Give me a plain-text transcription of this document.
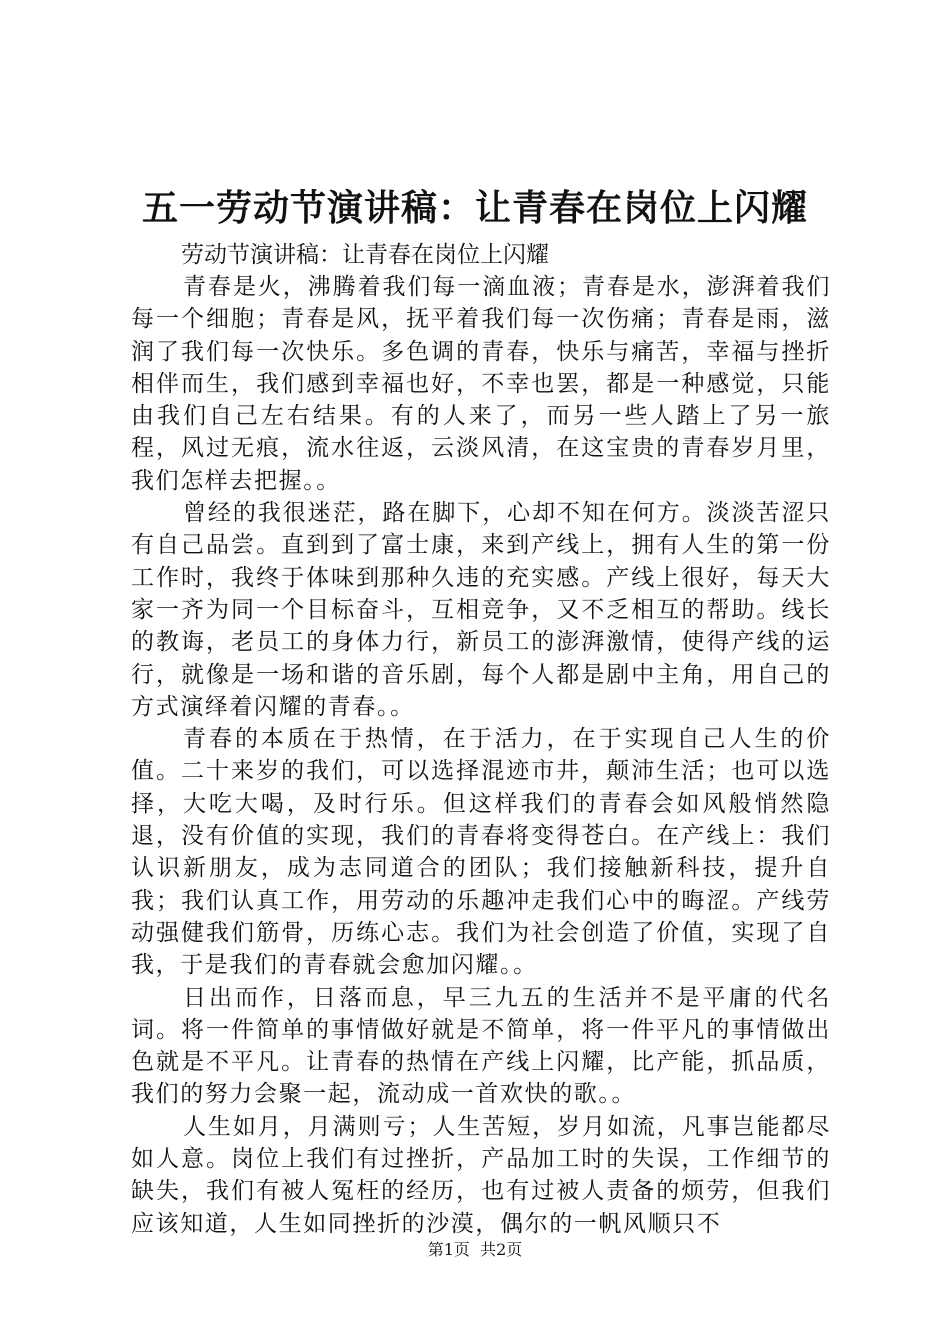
五一劳动节演讲稿：让青春在岗位上闪耀

劳动节演讲稿：让青春在岗位上闪耀

青春是火，沸腾着我们每一滴血液；青春是水，澎湃着我们每一个细胞；青春是风，抚平着我们每一次伤痛；青春是雨，滋润了我们每一次快乐。多色调的青春，快乐与痛苦，幸福与挫折相伴而生，我们感到幸福也好，不幸也罢，都是一种感觉，只能由我们自己左右结果。有的人来了，而另一些人踏上了另一旅程，风过无痕，流水往返，云淡风清，在这宝贵的青春岁月里，我们怎样去把握。。

曾经的我很迷茫，路在脚下，心却不知在何方。淡淡苦涩只有自己品尝。直到到了富士康，来到产线上，拥有人生的第一份工作时，我终于体味到那种久违的充实感。产线上很好，每天大家一齐为同一个目标奋斗，互相竞争，又不乏相互的帮助。线长的教诲，老员工的身体力行，新员工的澎湃激情，使得产线的运行，就像是一场和谐的音乐剧，每个人都是剧中主角，用自己的方式演绎着闪耀的青春。。

青春的本质在于热情，在于活力，在于实现自己人生的价值。二十来岁的我们，可以选择混迹市井，颠沛生活；也可以选择，大吃大喝，及时行乐。但这样我们的青春会如风般悄然隐退，没有价值的实现，我们的青春将变得苍白。在产线上：我们认识新朋友，成为志同道合的团队；我们接触新科技，提升自我；我们认真工作，用劳动的乐趣冲走我们心中的晦涩。产线劳动强健我们筋骨，历练心志。我们为社会创造了价值，实现了自我，于是我们的青春就会愈加闪耀。。

日出而作，日落而息，早三九五的生活并不是平庸的代名词。将一件简单的事情做好就是不简单，将一件平凡的事情做出色就是不平凡。让青春的热情在产线上闪耀，比产能，抓品质，我们的努力会聚一起，流动成一首欢快的歌。。

人生如月，月满则亏；人生苦短，岁月如流，凡事岂能都尽如人意。岗位上我们有过挫折，产品加工时的失误，工作细节的缺失，我们有被人冤枉的经历，也有过被人责备的烦劳，但我们应该知道，人生如同挫折的沙漠，偶尔的一帆风顺只不

第1页 共2页
